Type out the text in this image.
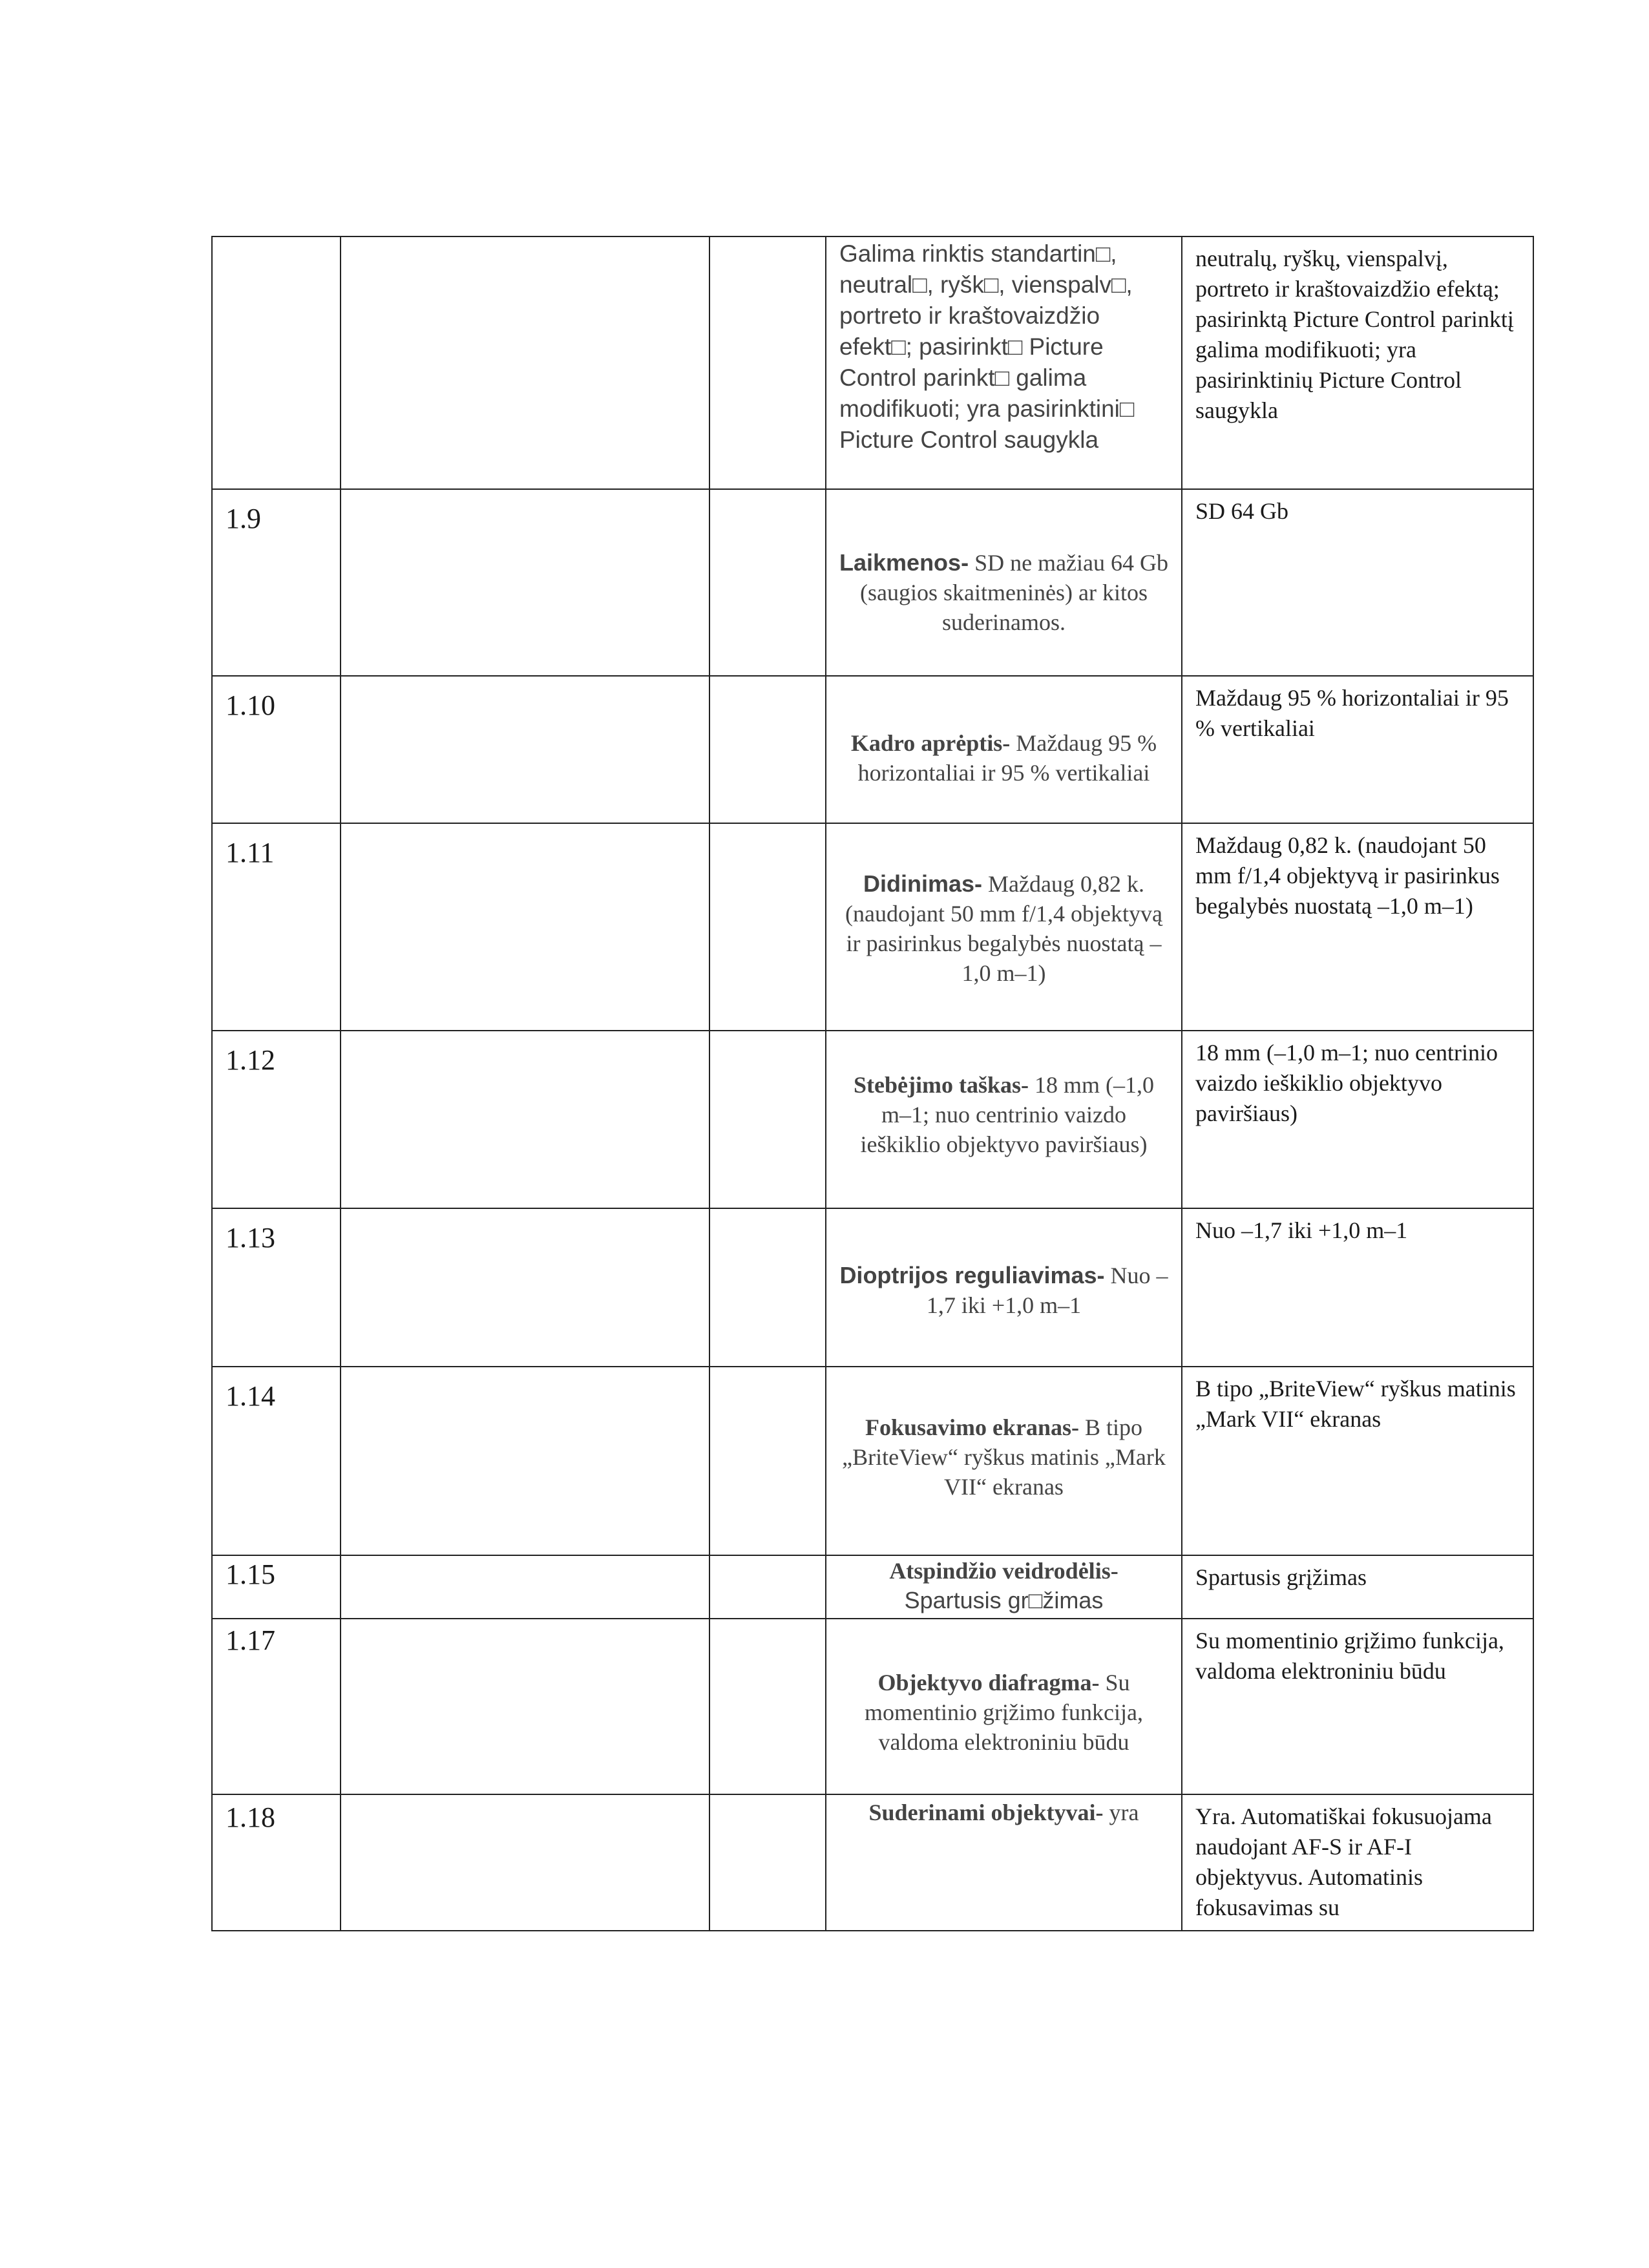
			Galima rinktis standartin□, neutral□, ryšk□, vienspalv□, portreto ir kraštovaizdžio efekt□; pasirinkt□ Picture Control parinkt□ galima modifikuoti; yra pasirinktini□ Picture Control saugykla	neutralų, ryškų, vienspalvį, portreto ir kraštovaizdžio efektą; pasirinktą Picture Control parinktį galima modifikuoti; yra pasirinktinių Picture Control saugykla
1.9			Laikmenos- SD ne mažiau 64 Gb (saugios skaitmeninės) ar kitos suderinamos.	SD 64 Gb
1.10			Kadro aprėptis- Maždaug 95 % horizontaliai ir 95 % vertikaliai	Maždaug 95 % horizontaliai ir 95 % vertikaliai
1.11			Didinimas- Maždaug 0,82 k. (naudojant 50 mm f/1,4 objektyvą ir pasirinkus begalybės nuostatą –1,0 m–1)	Maždaug 0,82 k. (naudojant 50 mm f/1,4 objektyvą ir pasirinkus begalybės nuostatą –1,0 m–1)
1.12			Stebėjimo taškas- 18 mm (–1,0 m–1; nuo centrinio vaizdo ieškiklio objektyvo paviršiaus)	18 mm (–1,0 m–1; nuo centrinio vaizdo ieškiklio objektyvo paviršiaus)
1.13			Dioptrijos reguliavimas- Nuo –1,7 iki +1,0 m–1	Nuo –1,7 iki +1,0 m–1
1.14			Fokusavimo ekranas- B tipo „BriteView“ ryškus matinis „Mark VII“ ekranas	B tipo „BriteView“ ryškus matinis „Mark VII“ ekranas
1.15			Atspindžio veidrodėlis- Spartusis gr□žimas	Spartusis grįžimas
1.17			Objektyvo diafragma- Su momentinio grįžimo funkcija, valdoma elektroniniu būdu	Su momentinio grįžimo funkcija, valdoma elektroniniu būdu
1.18			Suderinami objektyvai- yra	Yra. Automatiškai fokusuojama naudojant AF-S ir AF-I objektyvus. Automatinis fokusavimas su
